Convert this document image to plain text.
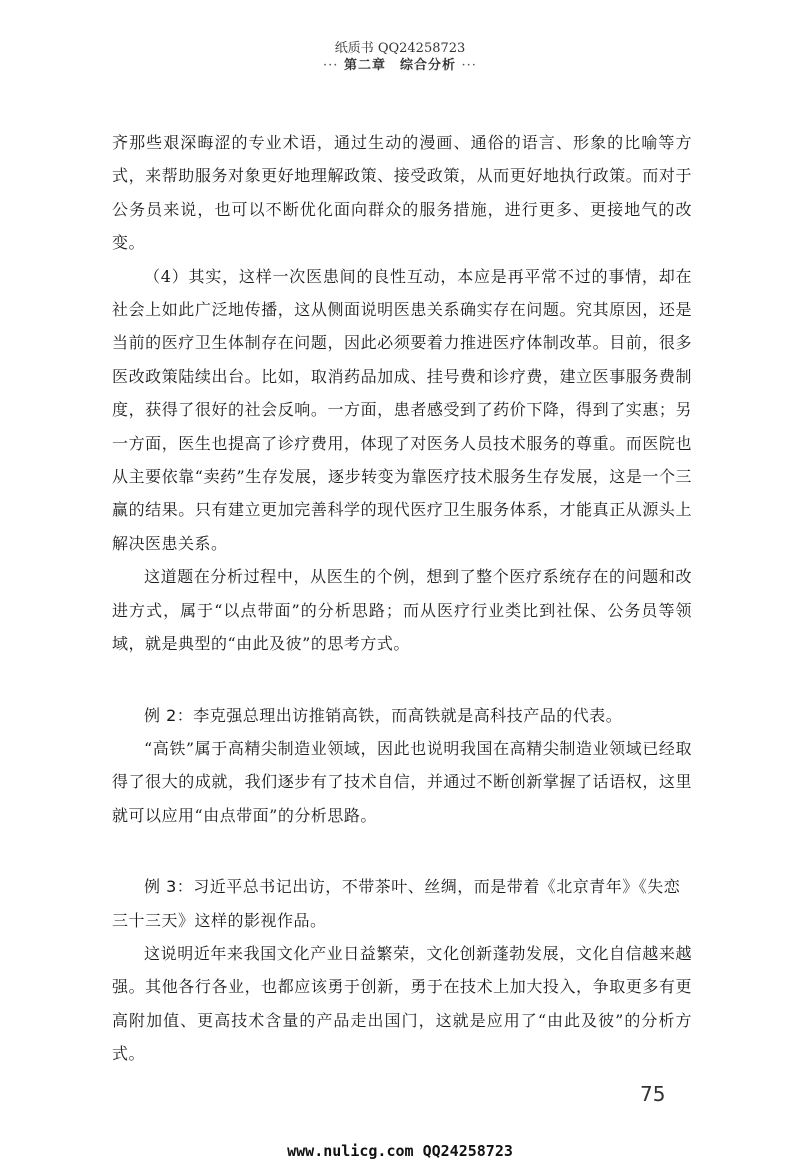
纸质书 QQ24258723
··· 第二章　综合分析 ···

齐那些艰深晦涩的专业术语，通过生动的漫画、通俗的语言、形象的比喻等方式，来帮助服务对象更好地理解政策、接受政策，从而更好地执行政策。而对于公务员来说，也可以不断优化面向群众的服务措施，进行更多、更接地气的改变。

（4）其实，这样一次医患间的良性互动，本应是再平常不过的事情，却在社会上如此广泛地传播，这从侧面说明医患关系确实存在问题。究其原因，还是当前的医疗卫生体制存在问题，因此必须要着力推进医疗体制改革。目前，很多医改政策陆续出台。比如，取消药品加成、挂号费和诊疗费，建立医事服务费制度，获得了很好的社会反响。一方面，患者感受到了药价下降，得到了实惠；另一方面，医生也提高了诊疗费用，体现了对医务人员技术服务的尊重。而医院也从主要依靠“卖药”生存发展，逐步转变为靠医疗技术服务生存发展，这是一个三赢的结果。只有建立更加完善科学的现代医疗卫生服务体系，才能真正从源头上解决医患关系。

这道题在分析过程中，从医生的个例，想到了整个医疗系统存在的问题和改进方式，属于“以点带面”的分析思路；而从医疗行业类比到社保、公务员等领域，就是典型的“由此及彼”的思考方式。

例 2：李克强总理出访推销高铁，而高铁就是高科技产品的代表。

“高铁”属于高精尖制造业领域，因此也说明我国在高精尖制造业领域已经取得了很大的成就，我们逐步有了技术自信，并通过不断创新掌握了话语权，这里就可以应用“由点带面”的分析思路。

例 3：习近平总书记出访，不带茶叶、丝绸，而是带着《北京青年》《失恋三十三天》这样的影视作品。

这说明近年来我国文化产业日益繁荣，文化创新蓬勃发展，文化自信越来越强。其他各行各业，也都应该勇于创新，勇于在技术上加大投入，争取更多有更高附加值、更高技术含量的产品走出国门，这就是应用了“由此及彼”的分析方式。

75
www.nulicg.com QQ24258723
